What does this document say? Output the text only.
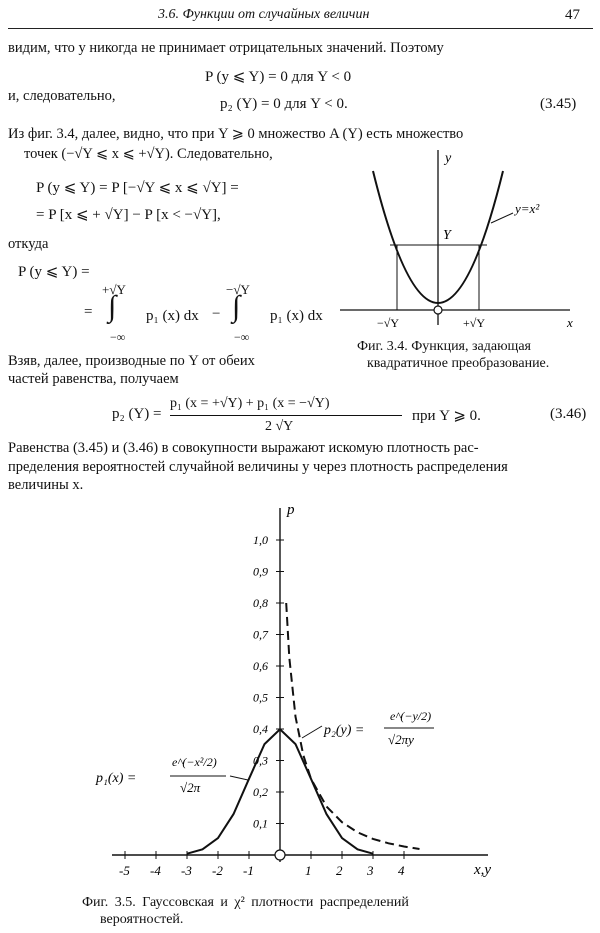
3.6. Функции от случайных величин	47
видим, что y никогда не принимает отрицательных значений. Поэтому
P (y ⩽ Y) = 0 для Y < 0
и, следовательно,	p₂ (Y) = 0 для Y < 0.	(3.45)
Из фиг. 3.4, далее, видно, что при Y ⩾ 0 множество A (Y) есть множество
точек (−√Y ⩽ x ⩽ +√Y). Следовательно,
P (y ⩽ Y) = P [−√Y ⩽ x ⩽ √Y] =
= P [x ⩽ + √Y] − P [x < −√Y],
откуда
P (y ⩽ Y) =
+√Y
= ∫
−∞
p₁ (x) dx −
−√Y
∫
−∞
p₁ (x) dx
Взяв, далее, производные по Y от обеих
частей равенства, получаем
y
y=x²
Y
−√Y	+√Y	x
Фиг. 3.4. Функция, задающая
квадратичное преобразование.
p₂ (Y) =
p₁ (x = +√Y) + p₁ (x = −√Y)
2 √Y
при Y ⩾ 0.	(3.46)
Равенства (3.45) и (3.46) в совокупности выражают искомую плотность рас-
пределения вероятностей случайной величины y через плотность распределения
величины x.
-5 -4 -3 -2 -1	1 2 3 4
0,1
0,2
0,3
0,4
0,5
0,6
0,7
0,8
0,9
1,0
p
x,y
p₁(x) =
e^(−x²/2)
√2π
p₂(y) =
e^(−y/2)
√2πy
Фиг. 3.5. Гауссовская и χ² плотности распределений
вероятностей.
